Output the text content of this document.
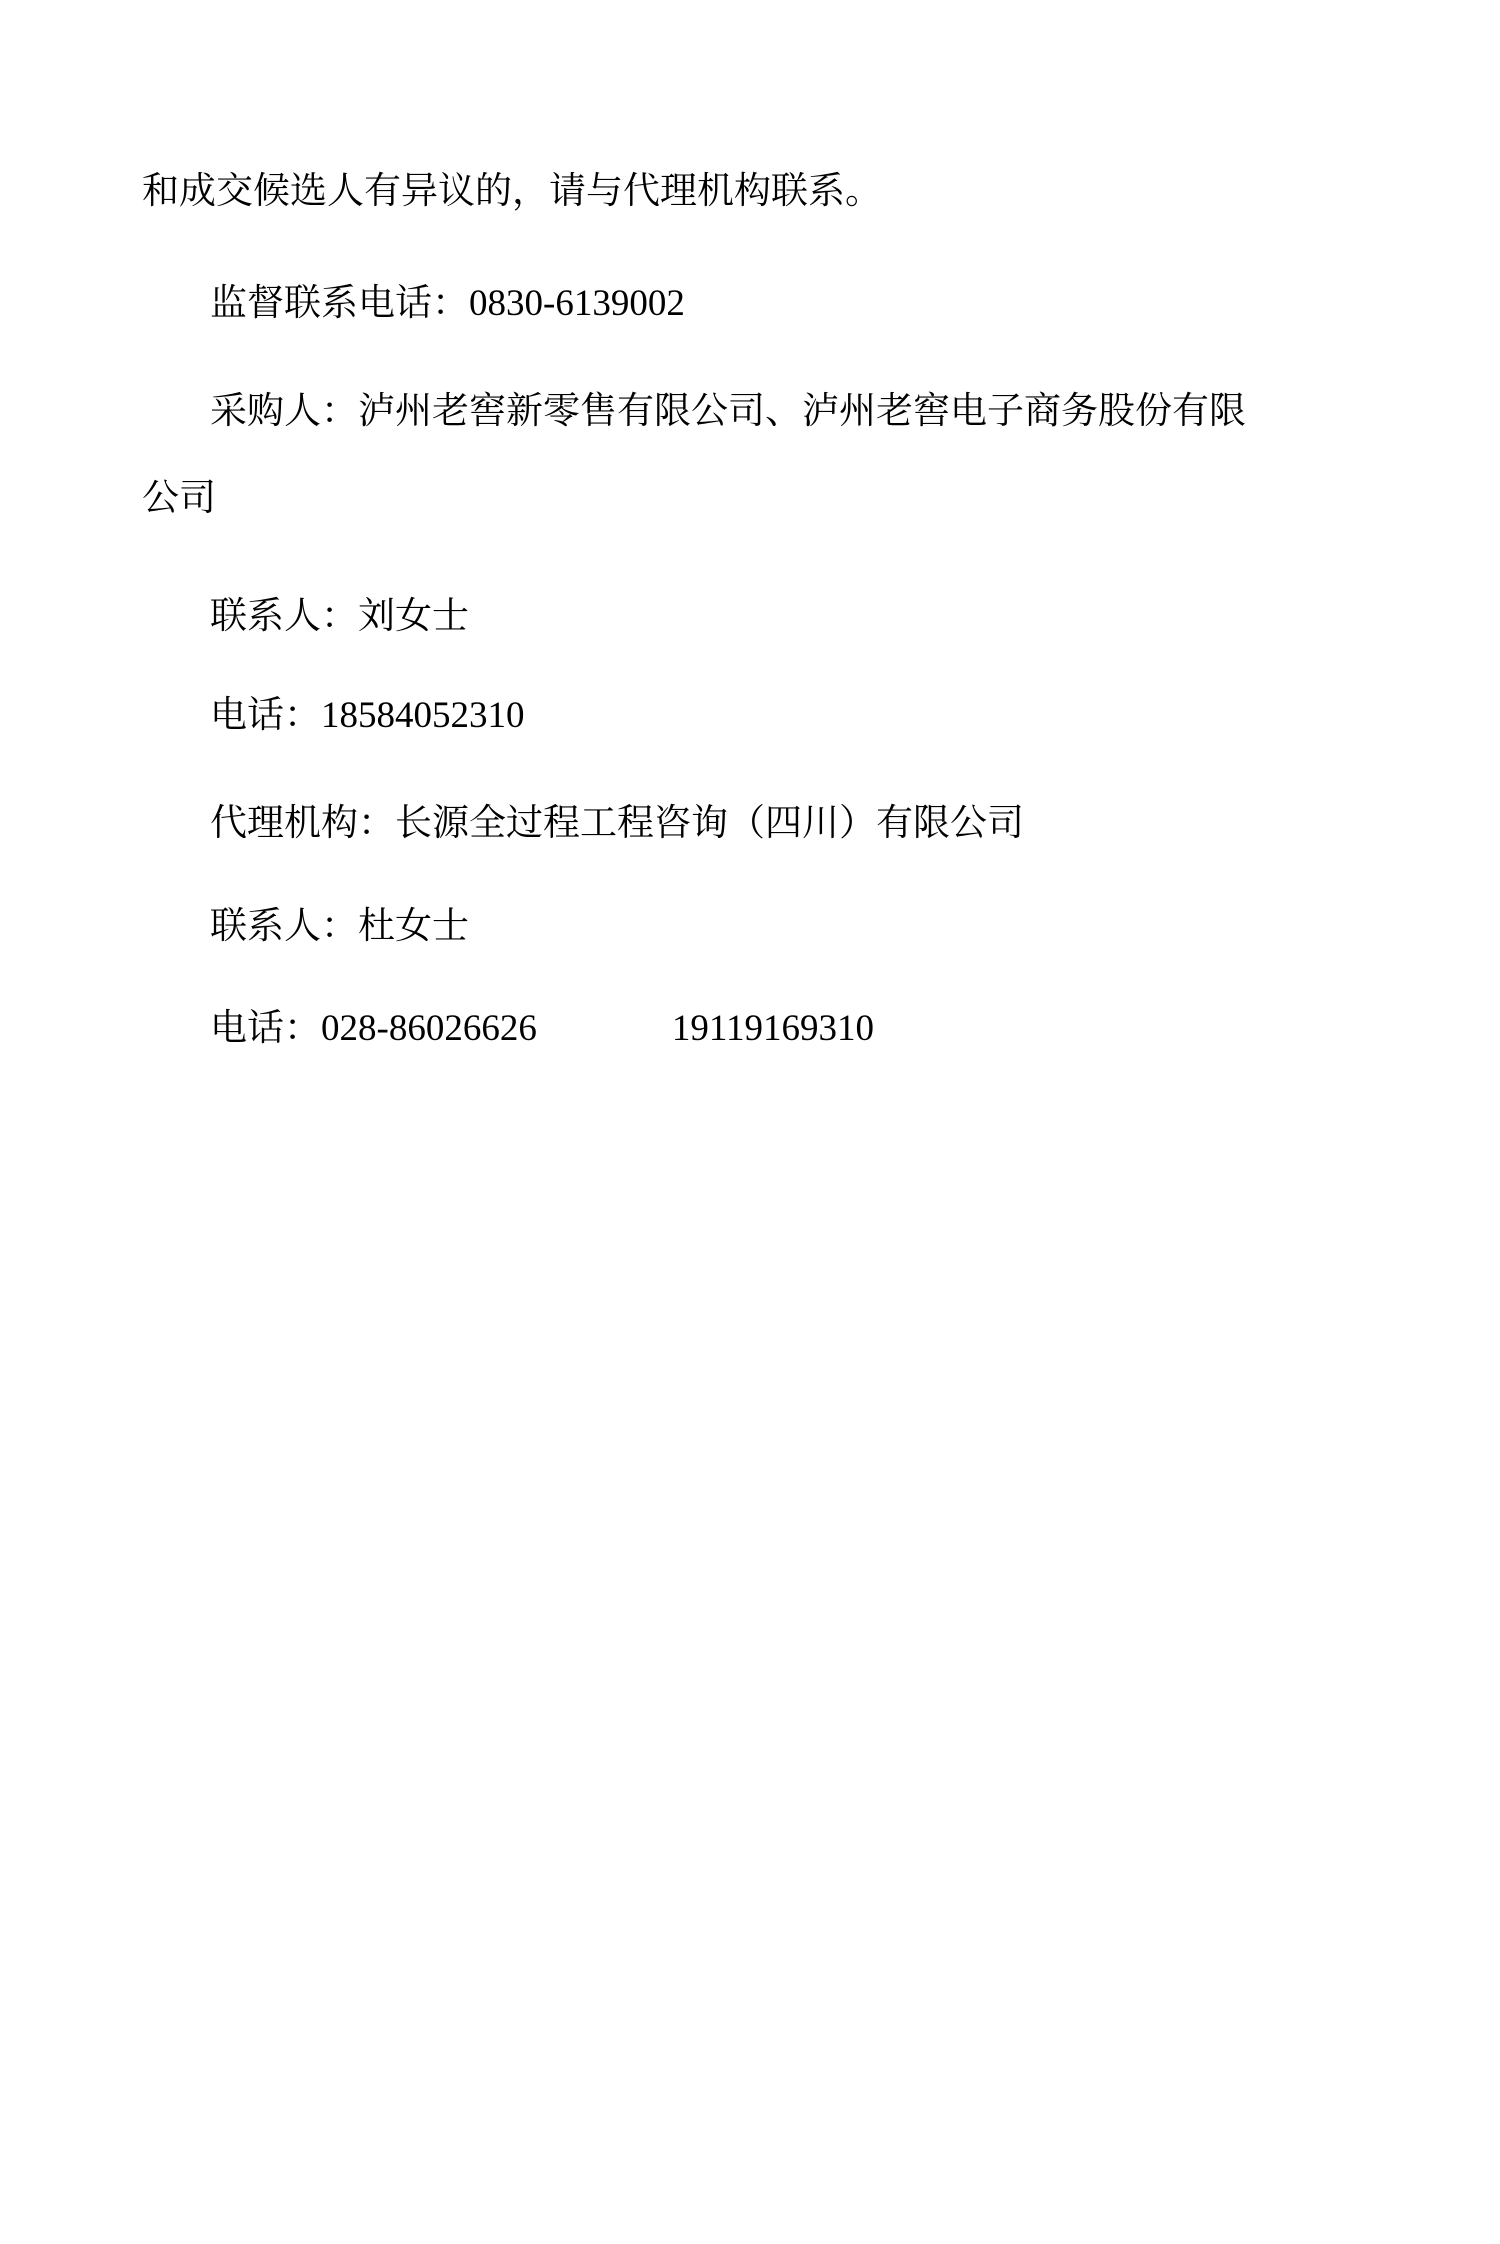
和成交候选人有异议的，请与代理机构联系。
监督联系电话：0830-6139002
采购人：泸州老窖新零售有限公司、泸州老窖电子商务股份有限
公司
联系人：刘女士
电话：18584052310
代理机构：长源全过程工程咨询（四川）有限公司
联系人：杜女士
电话：028-86026626	19119169310
